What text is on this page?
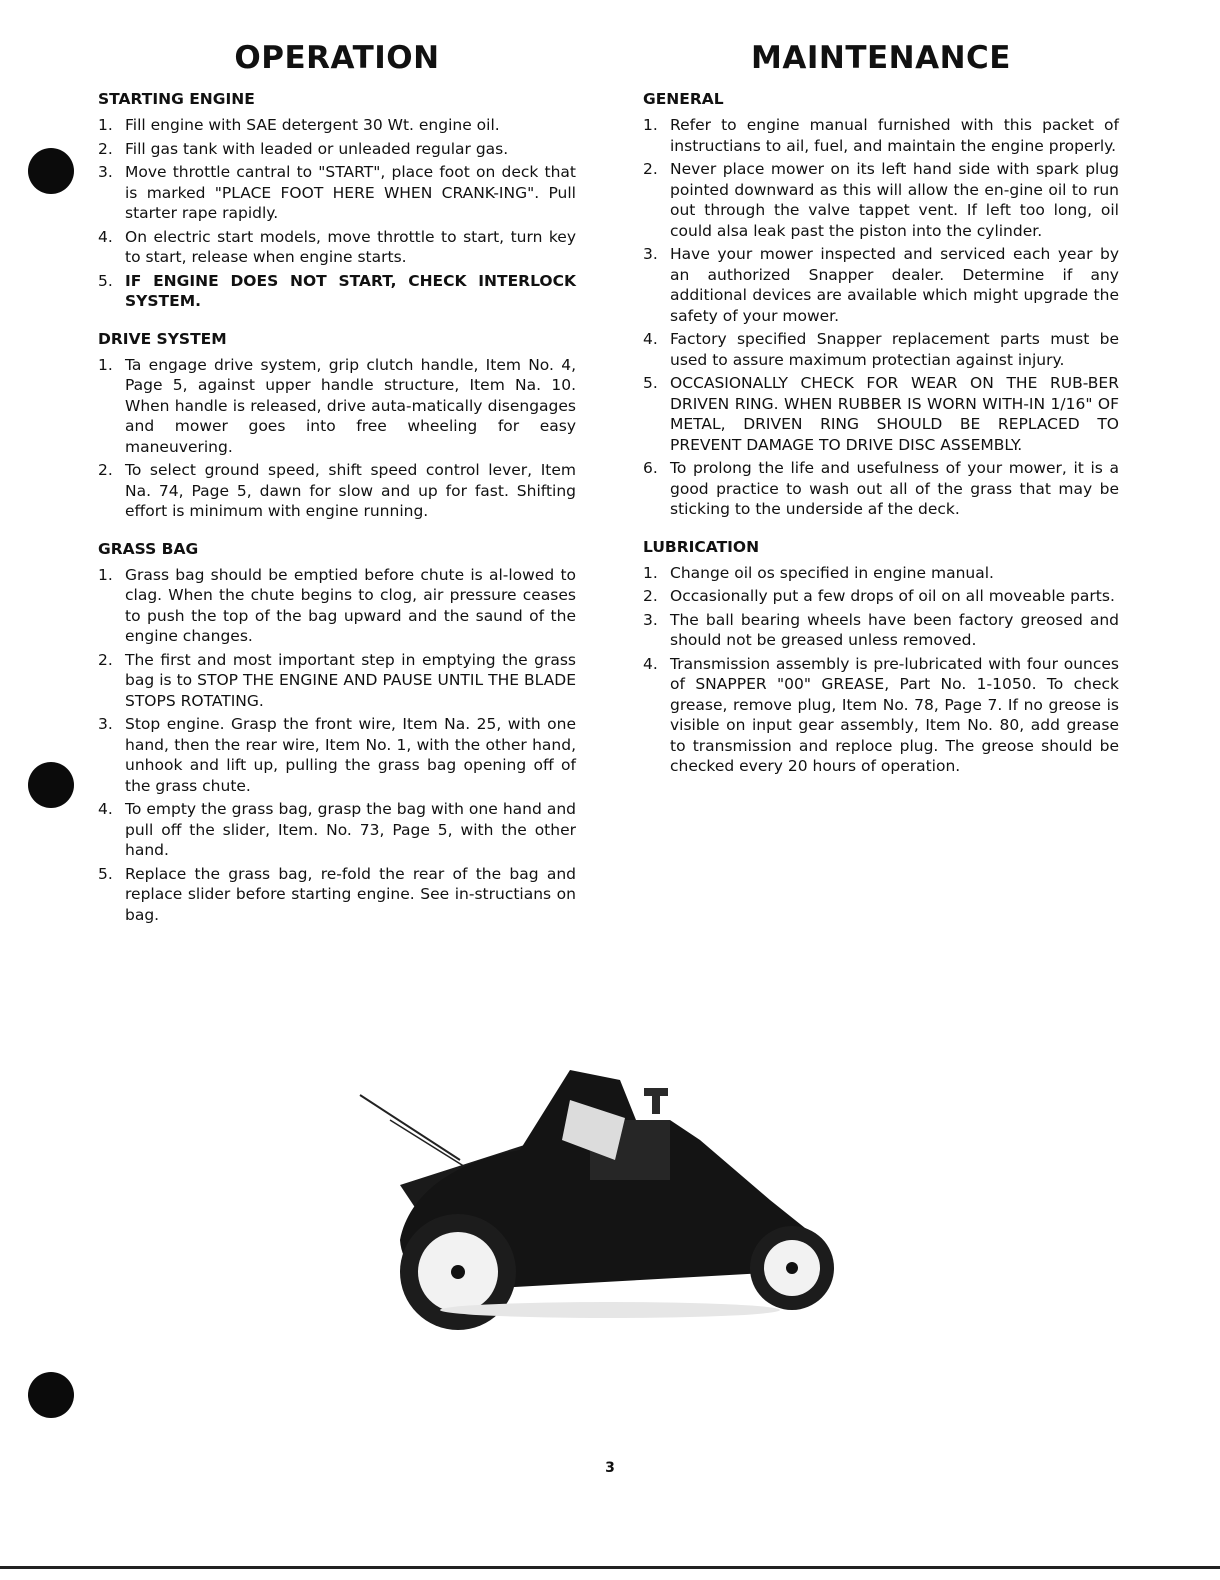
OPERATION
STARTING ENGINE
1. Fill engine with SAE detergent 30 Wt. engine oil.
2. Fill gas tank with leaded or unleaded regular gas.
3. Move throttle cantral to "START", place foot on deck that is marked "PLACE FOOT HERE WHEN CRANK-ING". Pull starter rape rapidly.
4. On electric start models, move throttle to start, turn key to start, release when engine starts.
5. IF ENGINE DOES NOT START, CHECK INTERLOCK SYSTEM.
DRIVE SYSTEM
1. Ta engage drive system, grip clutch handle, Item No. 4, Page 5, against upper handle structure, Item Na. 10. When handle is released, drive auta-matically disengages and mower goes into free wheeling for easy maneuvering.
2. To select ground speed, shift speed control lever, Item Na. 74, Page 5, dawn for slow and up for fast. Shifting effort is minimum with engine running.
GRASS BAG
1. Grass bag should be emptied before chute is al-lowed to clag. When the chute begins to clog, air pressure ceases to push the top of the bag upward and the saund of the engine changes.
2. The first and most important step in emptying the grass bag is to STOP THE ENGINE AND PAUSE UNTIL THE BLADE STOPS ROTATING.
3. Stop engine. Grasp the front wire, Item Na. 25, with one hand, then the rear wire, Item No. 1, with the other hand, unhook and lift up, pulling the grass bag opening off of the grass chute.
4. To empty the grass bag, grasp the bag with one hand and pull off the slider, Item. No. 73, Page 5, with the other hand.
5. Replace the grass bag, re-fold the rear of the bag and replace slider before starting engine. See in-structians on bag.
MAINTENANCE
GENERAL
1. Refer to engine manual furnished with this packet of instructians to ail, fuel, and maintain the engine properly.
2. Never place mower on its left hand side with spark plug pointed downward as this will allow the en-gine oil to run out through the valve tappet vent. If left too long, oil could alsa leak past the piston into the cylinder.
3. Have your mower inspected and serviced each year by an authorized Snapper dealer. Determine if any additional devices are available which might upgrade the safety of your mower.
4. Factory specified Snapper replacement parts must be used to assure maximum protectian against injury.
5. OCCASIONALLY CHECK FOR WEAR ON THE RUB-BER DRIVEN RING. WHEN RUBBER IS WORN WITH-IN 1/16" OF METAL, DRIVEN RING SHOULD BE REPLACED TO PREVENT DAMAGE TO DRIVE DISC ASSEMBLY.
6. To prolong the life and usefulness of your mower, it is a good practice to wash out all of the grass that may be sticking to the underside af the deck.
LUBRICATION
1. Change oil os specified in engine manual.
2. Occasionally put a few drops of oil on all moveable parts.
3. The ball bearing wheels have been factory greosed and should not be greased unless removed.
4. Transmission assembly is pre-lubricated with four ounces of SNAPPER "00" GREASE, Part No. 1-1050. To check grease, remove plug, Item No. 78, Page 7. If no greose is visible on input gear assembly, Item No. 80, add grease to transmission and reploce plug. The greose should be checked every 20 hours of operation.
3
